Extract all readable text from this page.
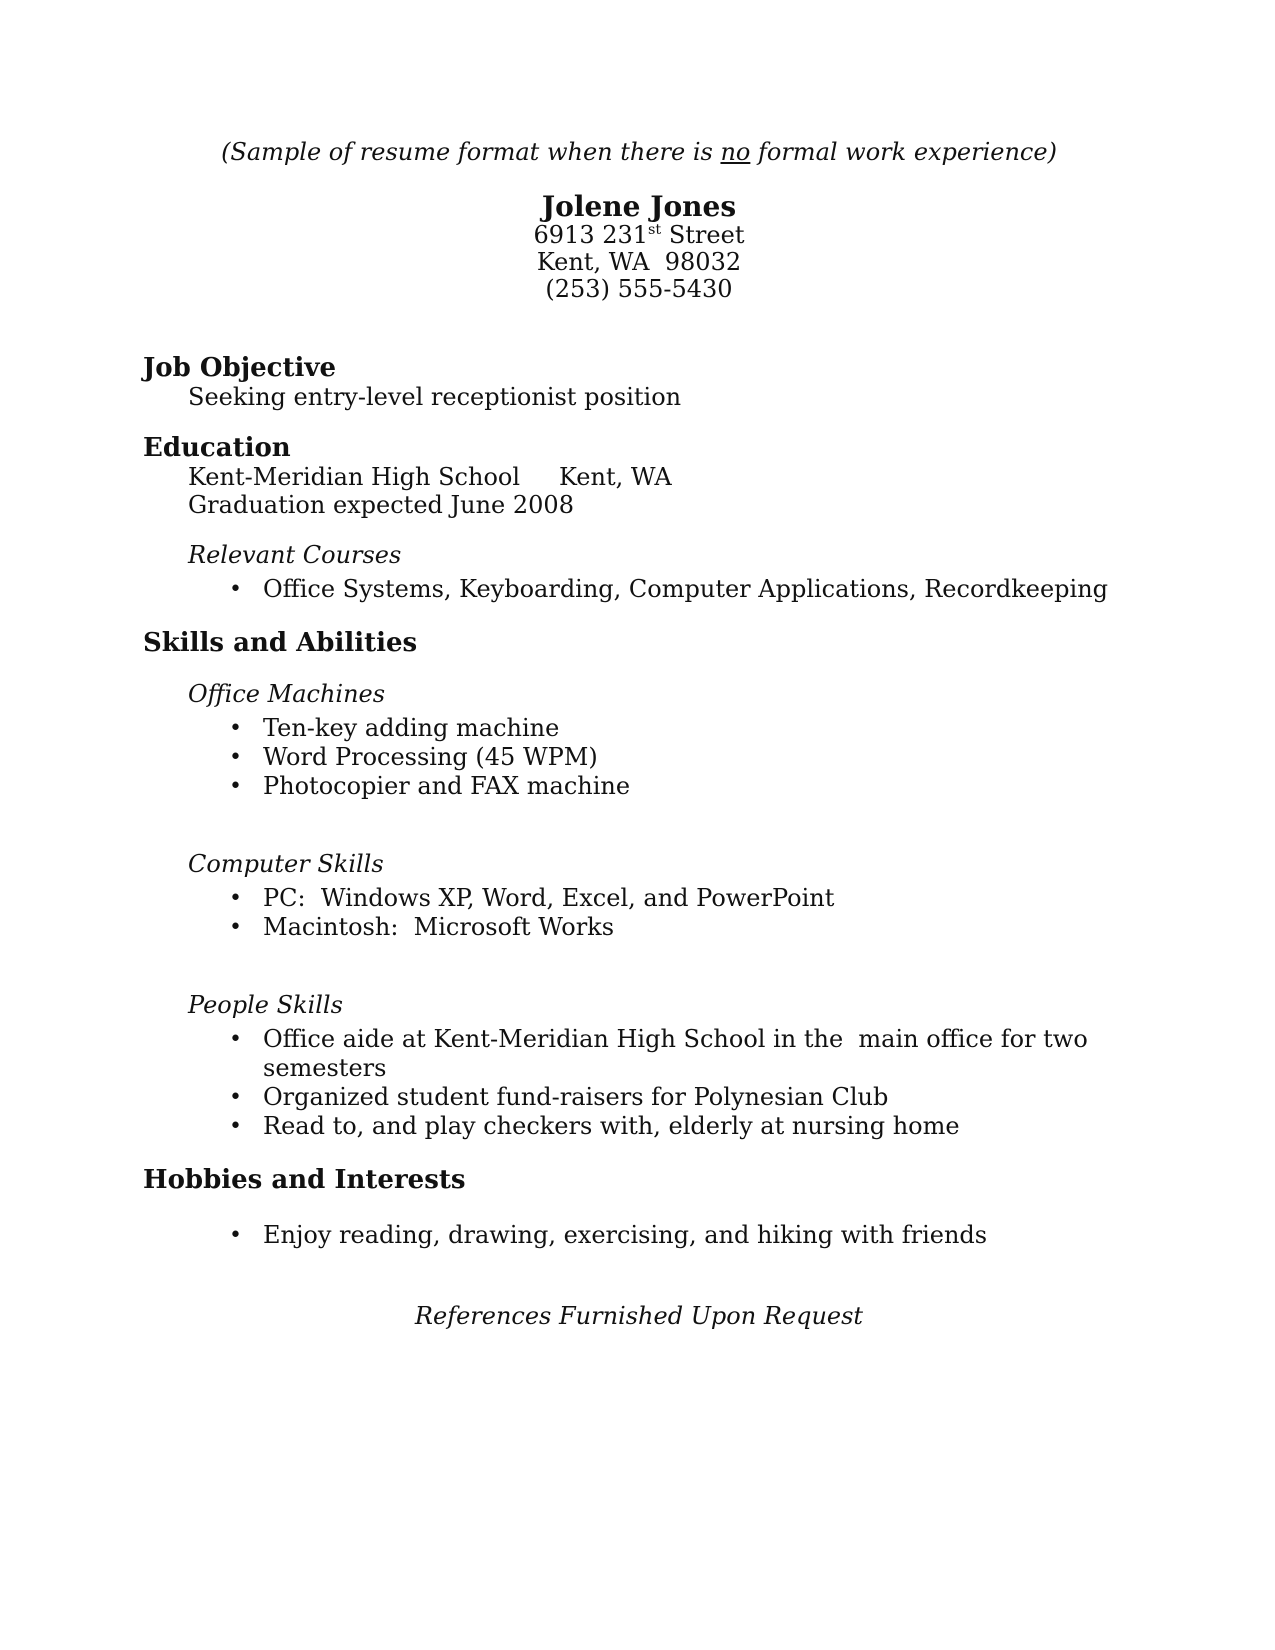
(Sample of resume format when there is no formal work experience)
Jolene Jones
6913 231st Street
Kent, WA  98032
(253) 555-5430
Job Objective
Seeking entry-level receptionist position
Education
Kent-Meridian High School Kent, WA
Graduation expected June 2008
Relevant Courses
• Office Systems, Keyboarding, Computer Applications, Recordkeeping
Skills and Abilities
Office Machines
• Ten-key adding machine
• Word Processing (45 WPM)
• Photocopier and FAX machine
Computer Skills
• PC:  Windows XP, Word, Excel, and PowerPoint
• Macintosh:  Microsoft Works
People Skills
• Office aide at Kent-Meridian High School in the  main office for two semesters
• Organized student fund-raisers for Polynesian Club
• Read to, and play checkers with, elderly at nursing home
Hobbies and Interests
• Enjoy reading, drawing, exercising, and hiking with friends
References Furnished Upon Request
